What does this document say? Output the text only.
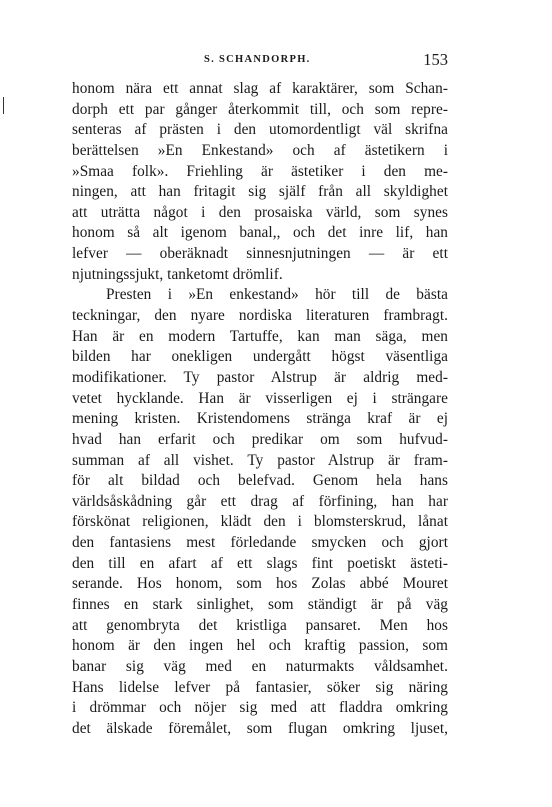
S. SCHANDORPH.	153
honom nära ett annat slag af karaktärer, som Schan-
dorph ett par gånger återkommit till, och som repre-
senteras af prästen i den utomordentligt väl skrifna
berättelsen »En Enkestand» och af ästetikern i
»Smaa folk». Friehling är ästetiker i den me-
ningen, att han fritagit sig själf från all skyldighet
att uträtta något i den prosaiska värld, som synes
honom så alt igenom banal,, och det inre lif, han
lefver — oberäknadt sinnesnjutningen — är ett
njutningssjukt, tanketomt drömlif.
Presten i »En enkestand» hör till de bästa
teckningar, den nyare nordiska literaturen frambragt.
Han är en modern Tartuffe, kan man säga, men
bilden har onekligen undergått högst väsentliga
modifikationer. Ty pastor Alstrup är aldrig med-
vetet hycklande. Han är visserligen ej i strängare
mening kristen. Kristendomens stränga kraf är ej
hvad han erfarit och predikar om som hufvud-
summan af all vishet. Ty pastor Alstrup är fram-
för alt bildad och belefvad. Genom hela hans
världsåskådning går ett drag af förfining, han har
förskönat religionen, klädt den i blomsterskrud, lånat
den fantasiens mest förledande smycken och gjort
den till en afart af ett slags fint poetiskt ästeti-
serande. Hos honom, som hos Zolas abbé Mouret
finnes en stark sinlighet, som ständigt är på väg
att genombryta det kristliga pansaret. Men hos
honom är den ingen hel och kraftig passion, som
banar sig väg med en naturmakts våldsamhet.
Hans lidelse lefver på fantasier, söker sig näring
i drömmar och nöjer sig med att fladdra omkring
det älskade föremålet, som flugan omkring ljuset,
